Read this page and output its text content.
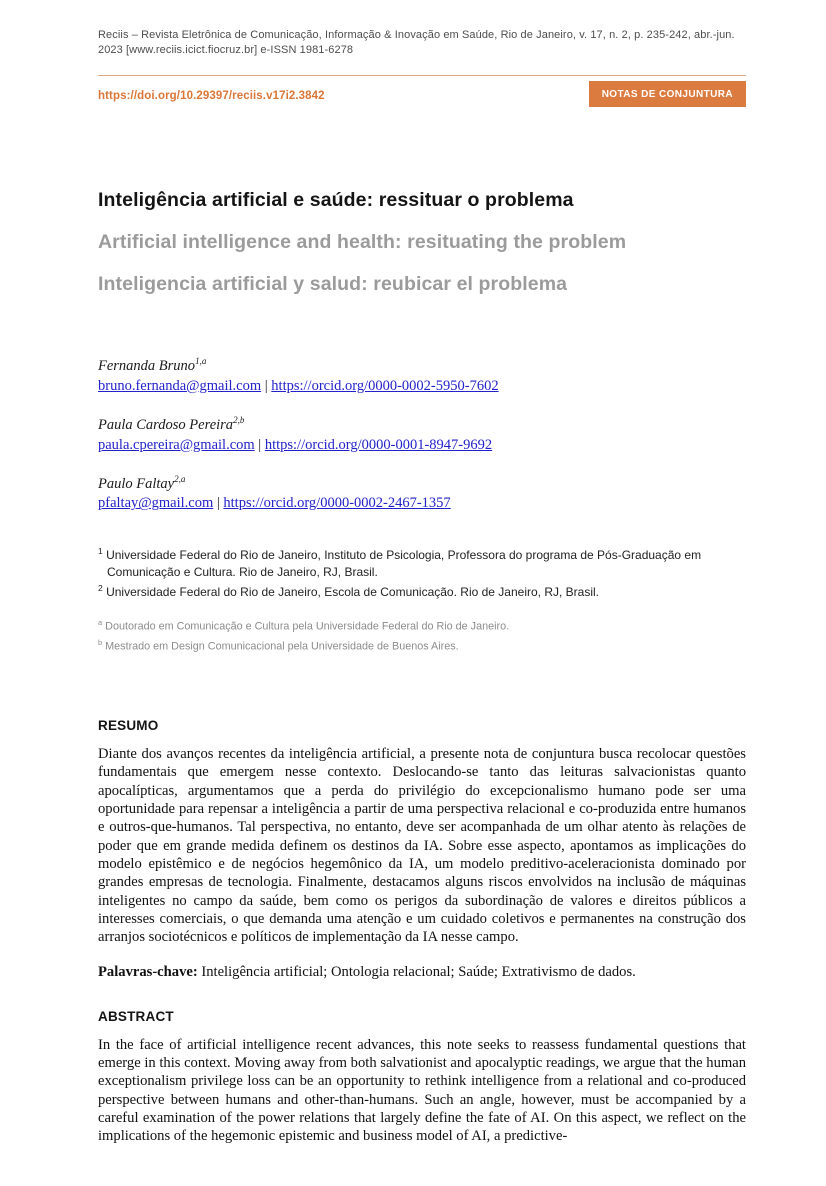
Reciis – Revista Eletrônica de Comunicação, Informação & Inovação em Saúde, Rio de Janeiro, v. 17, n. 2, p. 235-242, abr.-jun. 2023 [www.reciis.icict.fiocruz.br] e-ISSN 1981-6278
https://doi.org/10.29397/reciis.v17i2.3842	NOTAS DE CONJUNTURA
Inteligência artificial e saúde: ressituar o problema
Artificial intelligence and health: resituating the problem
Inteligencia artificial y salud: reubicar el problema
Fernanda Bruno$^{1,a}$
bruno.fernanda@gmail.com | https://orcid.org/0000-0002-5950-7602
Paula Cardoso Pereira$^{2,b}$
paula.cpereira@gmail.com | https://orcid.org/0000-0001-8947-9692
Paulo Faltay$^{2,a}$
pfaltay@gmail.com | https://orcid.org/0000-0002-2467-1357
$^1$ Universidade Federal do Rio de Janeiro, Instituto de Psicologia, Professora do programa de Pós-Graduação em Comunicação e Cultura. Rio de Janeiro, RJ, Brasil.
$^2$ Universidade Federal do Rio de Janeiro, Escola de Comunicação. Rio de Janeiro, RJ, Brasil.
$^a$ Doutorado em Comunicação e Cultura pela Universidade Federal do Rio de Janeiro.
$^b$ Mestrado em Design Comunicacional pela Universidade de Buenos Aires.
RESUMO

Diante dos avanços recentes da inteligência artificial, a presente nota de conjuntura busca recolocar questões fundamentais que emergem nesse contexto. Deslocando-se tanto das leituras salvacionistas quanto apocalípticas, argumentamos que a perda do privilégio do excepcionalismo humano pode ser uma oportunidade para repensar a inteligência a partir de uma perspectiva relacional e co-produzida entre humanos e outros-que-humanos. Tal perspectiva, no entanto, deve ser acompanhada de um olhar atento às relações de poder que em grande medida definem os destinos da IA. Sobre esse aspecto, apontamos as implicações do modelo epistêmico e de negócios hegemônico da IA, um modelo preditivo-aceleracionista dominado por grandes empresas de tecnologia. Finalmente, destacamos alguns riscos envolvidos na inclusão de máquinas inteligentes no campo da saúde, bem como os perigos da subordinação de valores e direitos públicos a interesses comerciais, o que demanda uma atenção e um cuidado coletivos e permanentes na construção dos arranjos sociotécnicos e políticos de implementação da IA nesse campo.

Palavras-chave: Inteligência artificial; Ontologia relacional; Saúde; Extrativismo de dados.

ABSTRACT

In the face of artificial intelligence recent advances, this note seeks to reassess fundamental questions that emerge in this context. Moving away from both salvationist and apocalyptic readings, we argue that the human exceptionalism privilege loss can be an opportunity to rethink intelligence from a relational and co-produced perspective between humans and other-than-humans. Such an angle, however, must be accompanied by a careful examination of the power relations that largely define the fate of AI. On this aspect, we reflect on the implications of the hegemonic epistemic and business model of AI, a predictive-
